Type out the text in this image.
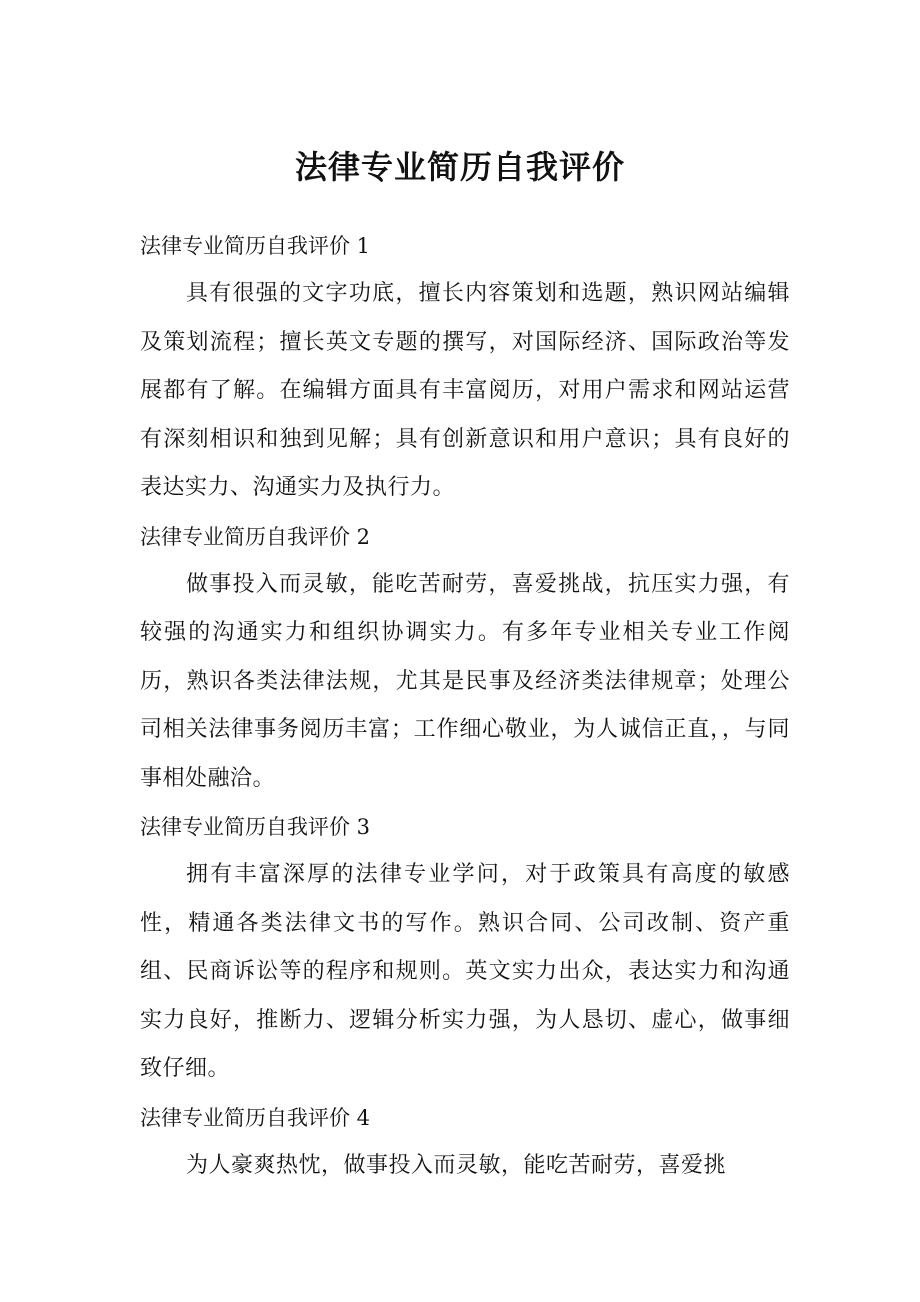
法律专业简历自我评价

法律专业简历自我评价 1

具有很强的文字功底，擅长内容策划和选题，熟识网站编辑及策划流程；擅长英文专题的撰写，对国际经济、国际政治等发展都有了解。在编辑方面具有丰富阅历，对用户需求和网站运营有深刻相识和独到见解；具有创新意识和用户意识；具有良好的表达实力、沟通实力及执行力。

法律专业简历自我评价 2

做事投入而灵敏，能吃苦耐劳，喜爱挑战，抗压实力强，有较强的沟通实力和组织协调实力。有多年专业相关专业工作阅历，熟识各类法律法规，尤其是民事及经济类法律规章；处理公司相关法律事务阅历丰富；工作细心敬业，为人诚信正直，，与同事相处融洽。

法律专业简历自我评价 3

拥有丰富深厚的法律专业学问，对于政策具有高度的敏感性，精通各类法律文书的写作。熟识合同、公司改制、资产重组、民商诉讼等的程序和规则。英文实力出众，表达实力和沟通实力良好，推断力、逻辑分析实力强，为人恳切、虚心，做事细致仔细。

法律专业简历自我评价 4

为人豪爽热忱，做事投入而灵敏，能吃苦耐劳，喜爱挑
